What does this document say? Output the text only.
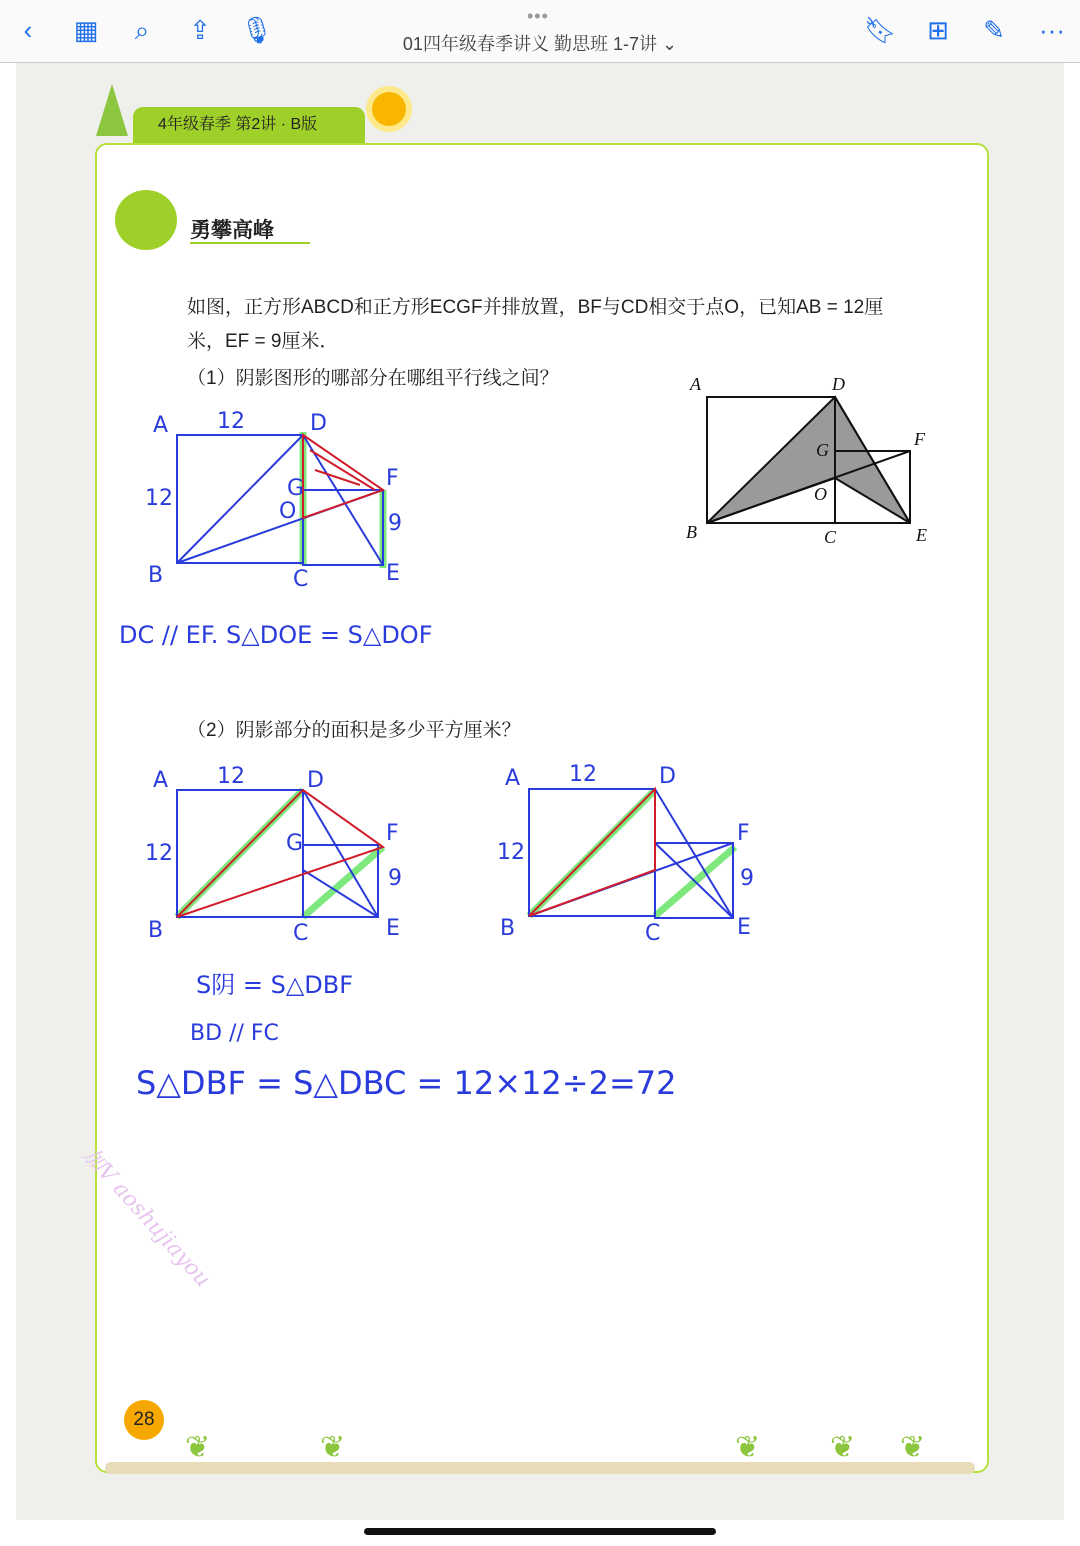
•••
‹	▦	⌕	⇪ 🎙	01四年级春季讲义 勤思班 1-7讲 ⌄	🔖︎ ⊞ ✎ ···
4年级春季 第2讲 · B版
勇攀高峰
如图，正方形ABCD和正方形ECGF并排放置，BF与CD相交于点O，已知AB = 12厘
米，EF = 9厘米．
（1）阴影图形的哪部分在哪组平行线之间？
（2）阴影部分的面积是多少平方厘米？
A	D
F
G
O
B	C	E
A 12	D
12	G
O
F
9
B	C	E
DC // EF. S△DOE = S△DOF
A 12	D
12	G	F
9
B	C	E
S阴 = S△DBF
BD // FC
S△DBF = S△DBC = 12×12÷2=72
A 12	D
12
F
9
B	C	E
加V aoshujiayou
28
❦	❦	❦ ❦ ❦
